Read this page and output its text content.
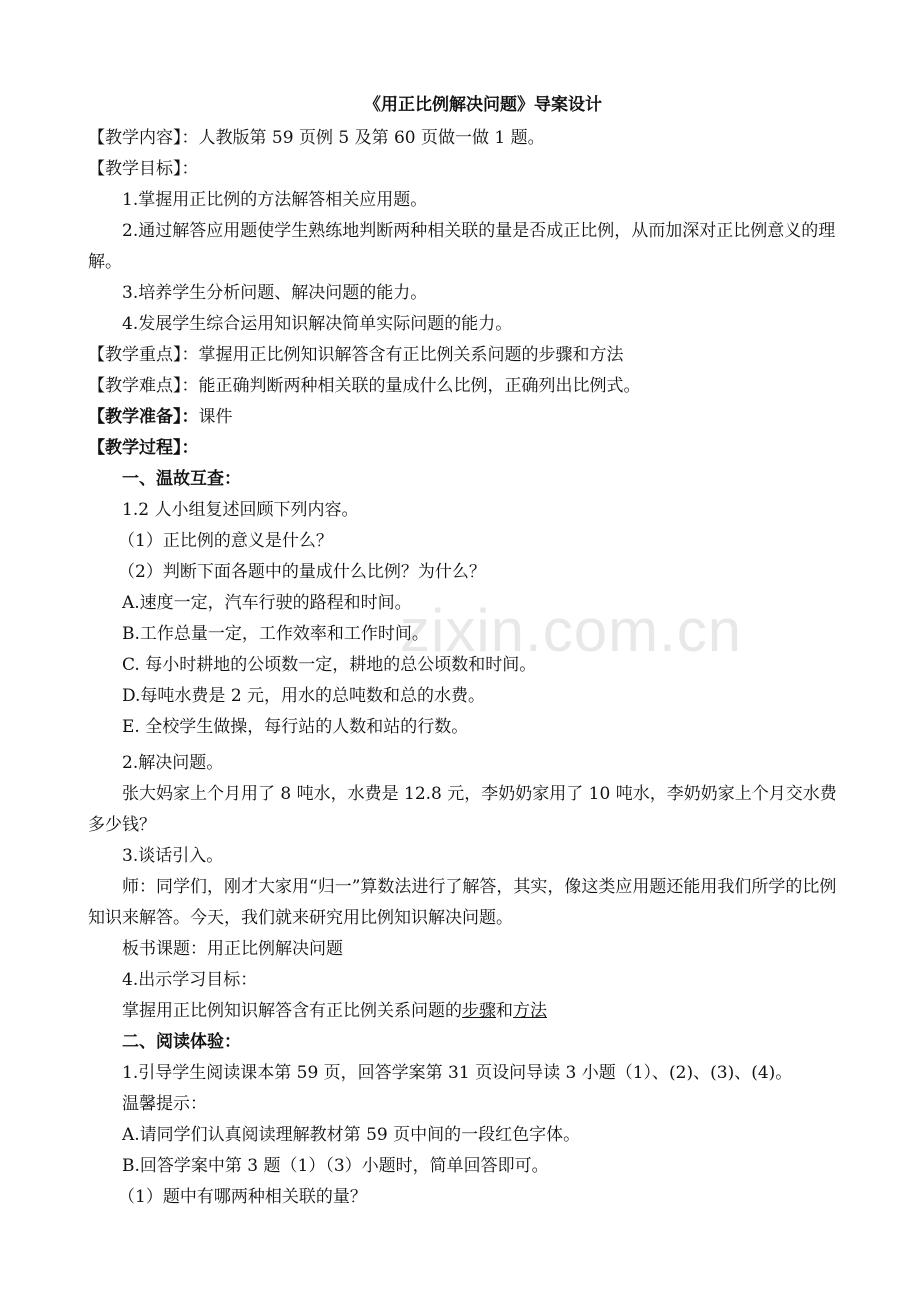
zixin.com.cn
《用正比例解决问题》导案设计

【教学内容】：人教版第 59 页例 5 及第 60 页做一做 1 题。

【教学目标】：

1.掌握用正比例的方法解答相关应用题。

2.通过解答应用题使学生熟练地判断两种相关联的量是否成正比例，从而加深对正比例意义的理解。

3.培养学生分析问题、解决问题的能力。

4.发展学生综合运用知识解决简单实际问题的能力。

【教学重点】：掌握用正比例知识解答含有正比例关系问题的步骤和方法

【教学难点】：能正确判断两种相关联的量成什么比例，正确列出比例式。

【教学准备】：课件

【教学过程】：

一、温故互查：

1.2 人小组复述回顾下列内容。

（1）正比例的意义是什么？

（2）判断下面各题中的量成什么比例？为什么？

A.速度一定，汽车行驶的路程和时间。

B.工作总量一定，工作效率和工作时间。

C. 每小时耕地的公顷数一定，耕地的总公顷数和时间。

D.每吨水费是 2 元，用水的总吨数和总的水费。

E. 全校学生做操，每行站的人数和站的行数。

2.解决问题。

张大妈家上个月用了 8 吨水，水费是 12.8 元，李奶奶家用了 10 吨水，李奶奶家上个月交水费多少钱？

3.谈话引入。

师：同学们，刚才大家用“归一”算数法进行了解答，其实，像这类应用题还能用我们所学的比例知识来解答。今天，我们就来研究用比例知识解决问题。

板书课题：用正比例解决问题

4.出示学习目标：

掌握用正比例知识解答含有正比例关系问题的步骤和方法

二、阅读体验：

1.引导学生阅读课本第 59 页，回答学案第 31 页设问导读 3 小题（1）、(2)、(3)、(4)。

温馨提示：

A.请同学们认真阅读理解教材第 59 页中间的一段红色字体。

B.回答学案中第 3 题（1）（3）小题时，简单回答即可。

（1）题中有哪两种相关联的量？
